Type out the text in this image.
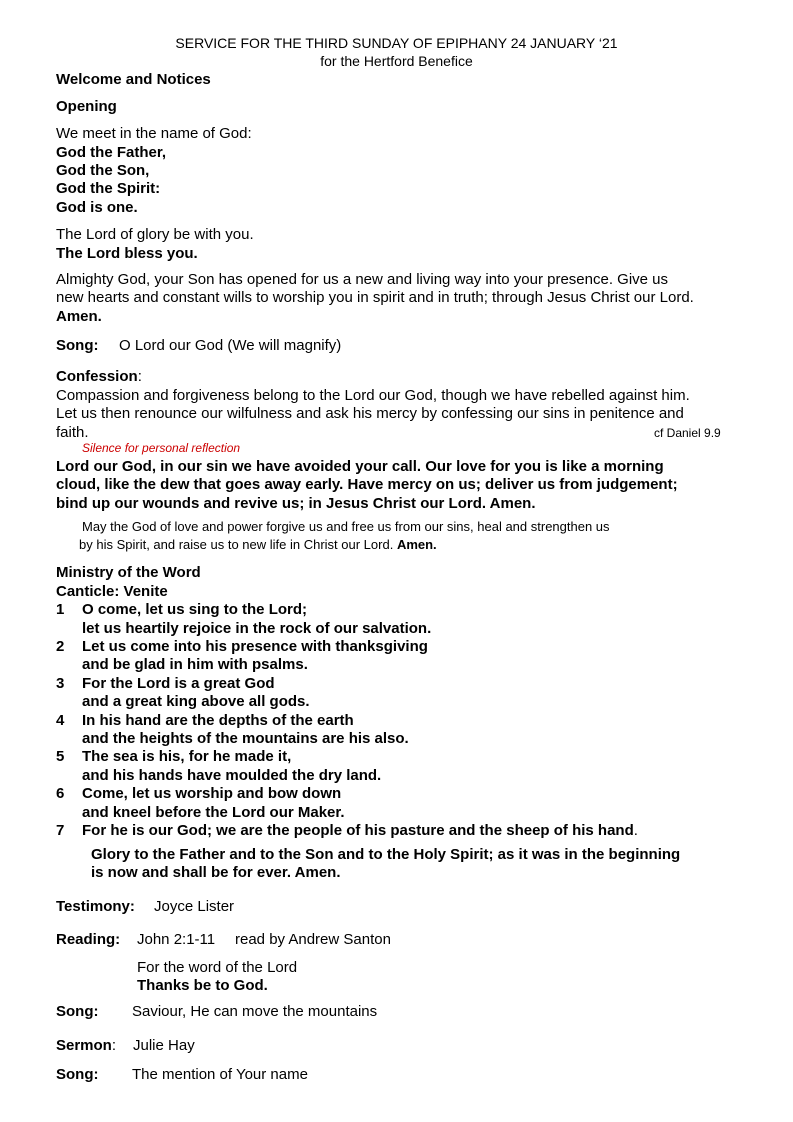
SERVICE FOR THE THIRD SUNDAY OF EPIPHANY 24 JANUARY ‘21
for the Hertford Benefice
Welcome and Notices
Opening
We meet in the name of God:
God the Father,
God the Son,
God the Spirit:
God is one.
The Lord of glory be with you.
The Lord bless you.
Almighty God, your Son has opened for us a new and living way into your presence. Give us
new hearts and constant wills to worship you in spirit and in truth; through Jesus Christ our Lord.
Amen.
Song: O Lord our God (We will magnify)
Confession:
Compassion and forgiveness belong to the Lord our God, though we have rebelled against him.
Let us then renounce our wilfulness and ask his mercy by confessing our sins in penitence and
faith.	cf Daniel 9.9
Silence for personal reflection
Lord our God, in our sin we have avoided your call. Our love for you is like a morning
cloud, like the dew that goes away early. Have mercy on us; deliver us from judgement;
bind up our wounds and revive us; in Jesus Christ our Lord. Amen.
May the God of love and power forgive us and free us from our sins, heal and strengthen us
by his Spirit, and raise us to new life in Christ our Lord. Amen.
Ministry of the Word
Canticle: Venite
1 O come, let us sing to the Lord;
let us heartily rejoice in the rock of our salvation.
2 Let us come into his presence with thanksgiving
and be glad in him with psalms.
3 For the Lord is a great God
and a great king above all gods.
4 In his hand are the depths of the earth
and the heights of the mountains are his also.
5 The sea is his, for he made it,
and his hands have moulded the dry land.
6 Come, let us worship and bow down
and kneel before the Lord our Maker.
7 For he is our God; we are the people of his pasture and the sheep of his hand.
Glory to the Father and to the Son and to the Holy Spirit; as it was in the beginning
is now and shall be for ever. Amen.
Testimony: Joyce Lister
Reading: John 2:1-11 read by Andrew Santon
For the word of the Lord
Thanks be to God.
Song: Saviour, He can move the mountains
Sermon: Julie Hay
Song: The mention of Your name
